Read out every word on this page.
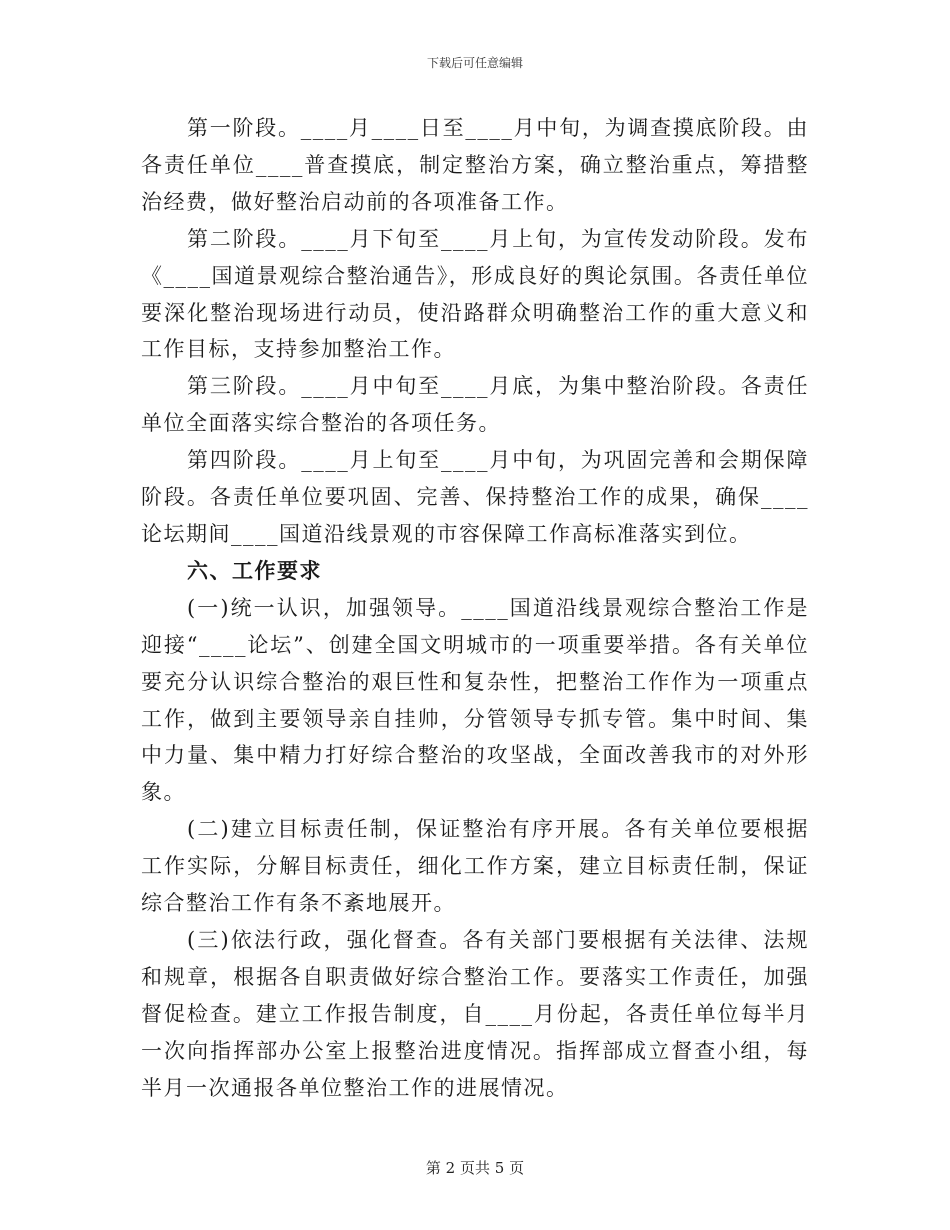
下载后可任意编辑

第一阶段。____月____日至____月中旬，为调查摸底阶段。由各责任单位____普查摸底，制定整治方案，确立整治重点，筹措整治经费，做好整治启动前的各项准备工作。

第二阶段。____月下旬至____月上旬，为宣传发动阶段。发布《____国道景观综合整治通告》，形成良好的舆论氛围。各责任单位要深化整治现场进行动员，使沿路群众明确整治工作的重大意义和工作目标，支持参加整治工作。

第三阶段。____月中旬至____月底，为集中整治阶段。各责任单位全面落实综合整治的各项任务。

第四阶段。____月上旬至____月中旬，为巩固完善和会期保障阶段。各责任单位要巩固、完善、保持整治工作的成果，确保____论坛期间____国道沿线景观的市容保障工作高标准落实到位。

六、工作要求

(一)统一认识，加强领导。____国道沿线景观综合整治工作是迎接“____论坛”、创建全国文明城市的一项重要举措。各有关单位要充分认识综合整治的艰巨性和复杂性，把整治工作作为一项重点工作，做到主要领导亲自挂帅，分管领导专抓专管。集中时间、集中力量、集中精力打好综合整治的攻坚战，全面改善我市的对外形象。

(二)建立目标责任制，保证整治有序开展。各有关单位要根据工作实际，分解目标责任，细化工作方案，建立目标责任制，保证综合整治工作有条不紊地展开。

(三)依法行政，强化督查。各有关部门要根据有关法律、法规和规章，根据各自职责做好综合整治工作。要落实工作责任，加强督促检查。建立工作报告制度，自____月份起，各责任单位每半月一次向指挥部办公室上报整治进度情况。指挥部成立督查小组，每半月一次通报各单位整治工作的进展情况。

第 2 页共 5 页
